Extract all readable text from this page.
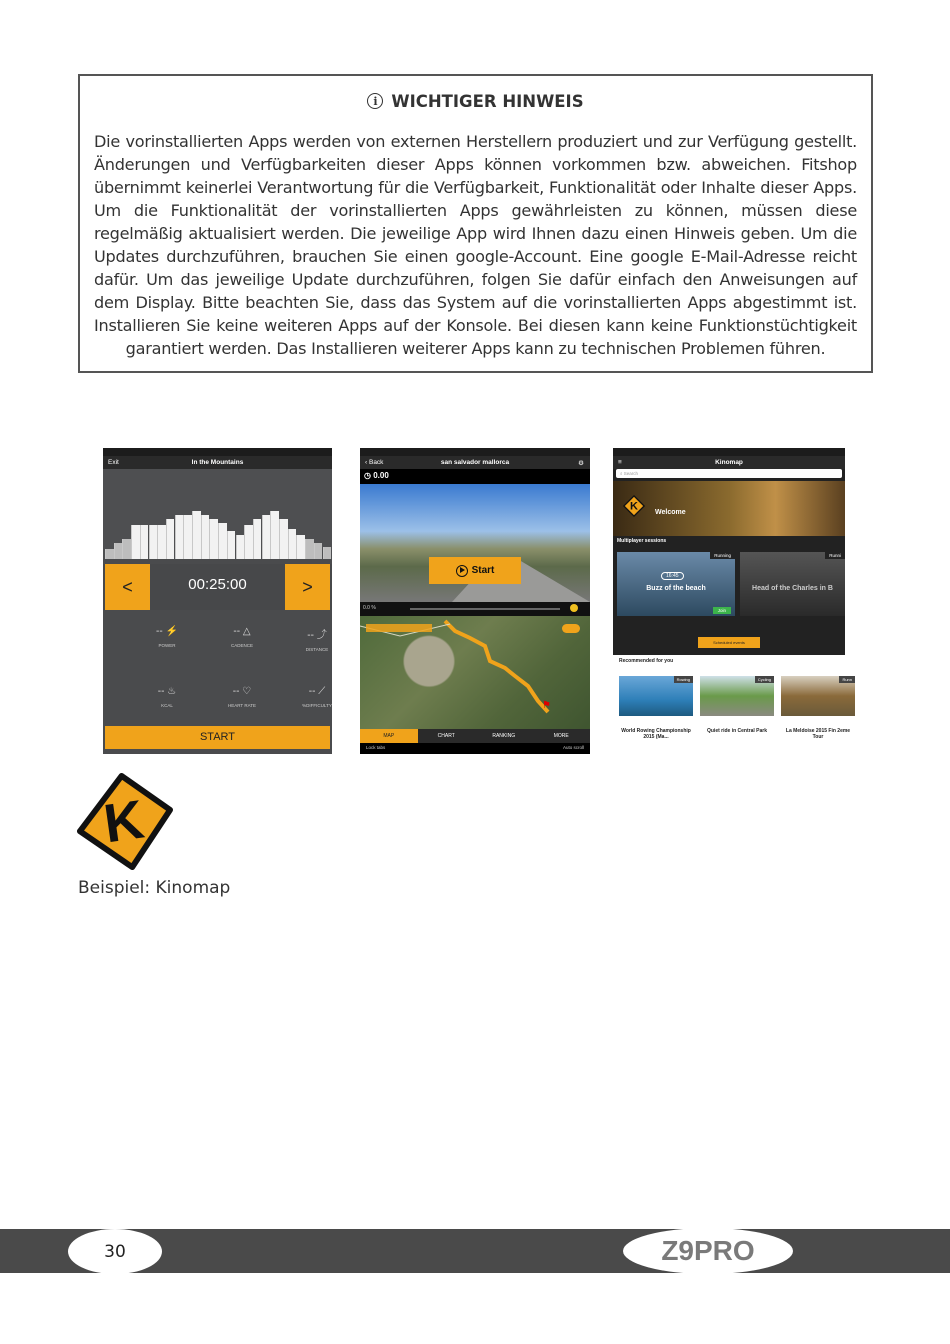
i WICHTIGER HINWEIS

Die vorinstallierten Apps werden von externen Herstellern produziert und zur Verfügung gestellt. Änderungen und Verfügbarkeiten dieser Apps können vorkommen bzw. abweichen. Fitshop übernimmt keinerlei Verantwortung für die Verfügbarkeit, Funktionalität oder Inhalte dieser Apps. Um die Funktionalität der vorinstallierten Apps gewährleisten zu können, müssen diese regelmäßig aktualisiert werden. Die jeweilige App wird Ihnen dazu einen Hinweis geben. Um die Updates durchzuführen, brauchen Sie einen google-Account. Eine google E-Mail-Adresse reicht dafür. Um das jeweilige Update durchzuführen, folgen Sie dafür einfach den Anweisungen auf dem Display. Bitte beachten Sie, dass das System auf die vorinstallierten Apps abgestimmt ist. Installieren Sie keine weiteren Apps auf der Konsole. Bei diesen kann keine Funktionstüchtigkeit garantiert werden. Das Installieren weiterer Apps kann zu technischen Problemen führen.

Exit	In the Mountains
<	00:25:00	>
-- ⚡
POWER
-- △
CADENCE
-- ⤴
DISTANCE
-- ♨
KCAL
-- ♡
HEART RATE
-- ⟋
%DIFFICULTY
START
‹ Back	san salvador mallorca	⚙
◷ 0.00
Start
0.0 %
⚑
MAP	CHART	RANKING	MORE
Lock tabs	Auto scroll
≡	Kinomap
⌕ Search
K Welcome
Multiplayer sessions
Running
16:45
Buzz of the beach
Join
Runni
Head of the Charles in B
Scheduled events
Recommended for you
Rowing
World Rowing Championship 2015 (Ma...
Cycling
Quiet ride in Central Park
Runn
La Meldoise 2015 Fin 2eme Tour
K
Beispiel: Kinomap
30	Z9PRO
